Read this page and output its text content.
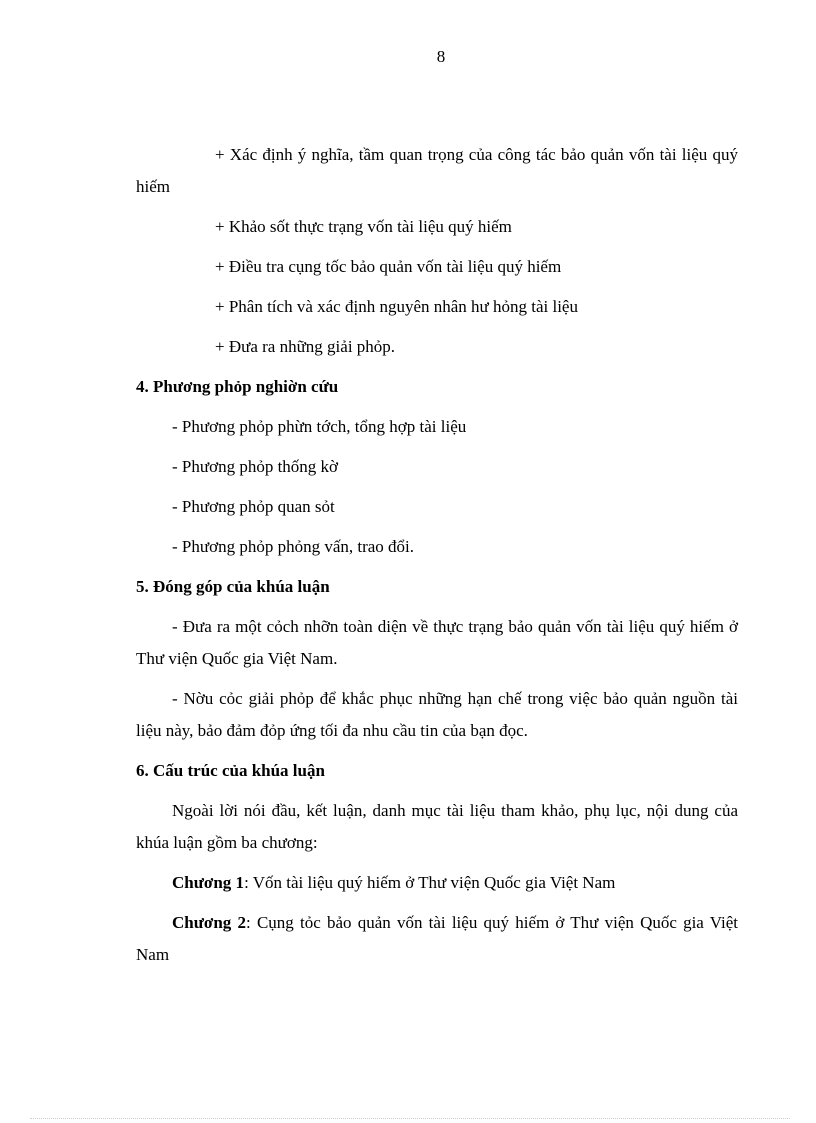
8

+ Xác định ý nghĩa, tầm quan trọng của công tác bảo quản vốn tài liệu quý hiếm

+ Khảo sốt thực trạng vốn tài liệu quý hiếm

+ Điều tra cụng tốc bảo quản vốn tài liệu quý hiếm

+ Phân tích và xác định nguyên nhân hư hỏng tài liệu

+ Đưa ra những giải phỏp.

4. Phương phỏp nghiờn cứu

- Phương phỏp phừn tớch, tổng hợp tài liệu

- Phương phỏp thống kờ

- Phương phỏp quan sỏt

- Phương phỏp phỏng vấn, trao đổi.

5. Đóng góp của khúa luận

- Đưa ra một cỏch nhỡn toàn diện về thực trạng bảo quản vốn tài liệu quý hiếm ở Thư viện Quốc gia Việt Nam.

- Nờu cỏc giải phỏp để khắc phục những hạn chế trong việc bảo quản nguồn tài liệu này, bảo đảm đỏp ứng tối đa nhu cầu tin của bạn đọc.

6. Cấu trúc của khúa luận

Ngoài lời nói đầu, kết luận, danh mục tài liệu tham khảo, phụ lục, nội dung của khúa luận gồm ba chương:

Chương 1: Vốn tài liệu quý hiếm ở Thư viện Quốc gia Việt Nam

Chương 2: Cụng tỏc bảo quản vốn tài liệu quý hiếm ở Thư viện Quốc gia Việt Nam
